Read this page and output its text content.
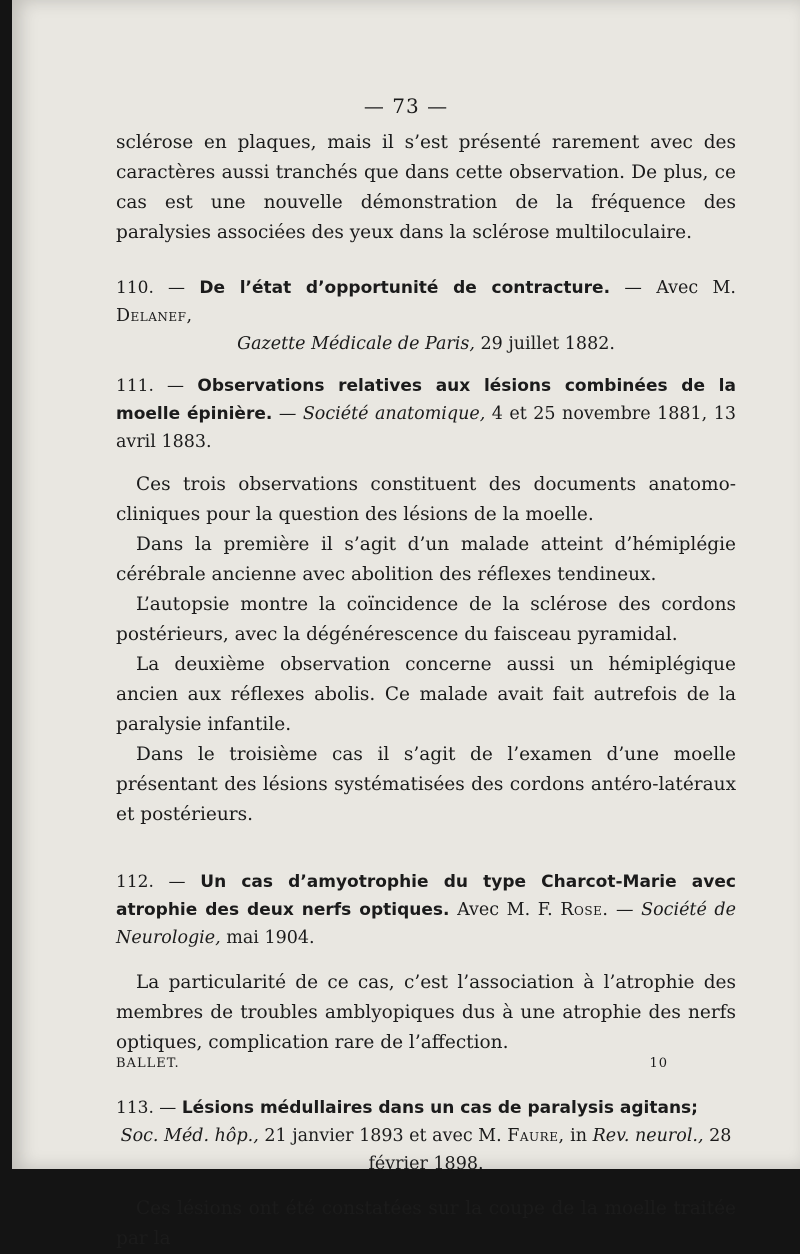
— 73 —

sclérose en plaques, mais il s’est présenté rarement avec des caractères aussi tranchés que dans cette observation. De plus, ce cas est une nouvelle démonstration de la fréquence des paralysies associées des yeux dans la sclérose multiloculaire.

110. — De l’état d’opportunité de contracture. — Avec M. Delanef,
Gazette Médicale de Paris, 29 juillet 1882.
111. — Observations relatives aux lésions combinées de la moelle épinière. — Société anatomique, 4 et 25 novembre 1881, 13 avril 1883.

Ces trois observations constituent des documents anatomo-cliniques pour la question des lésions de la moelle.

Dans la première il s’agit d’un malade atteint d’hémiplégie cérébrale ancienne avec abolition des réflexes tendineux.

L’autopsie montre la coïncidence de la sclérose des cordons postérieurs, avec la dégénérescence du faisceau pyramidal.

La deuxième observation concerne aussi un hémiplégique ancien aux réflexes abolis. Ce malade avait fait autrefois de la paralysie infantile.

Dans le troisième cas il s’agit de l’examen d’une moelle présentant des lésions systématisées des cordons antéro-latéraux et postérieurs.

112. — Un cas d’amyotrophie du type Charcot-Marie avec atrophie des deux nerfs optiques. Avec M. F. Rose. — Société de Neurologie, mai 1904.

La particularité de ce cas, c’est l’association à l’atrophie des membres de troubles amblyopiques dus à une atrophie des nerfs optiques, complication rare de l’affection.

113. — Lésions médullaires dans un cas de paralysis agitans;
Soc. Méd. hôp., 21 janvier 1893 et avec M. Faure, in Rev. neurol., 28 février 1898.

Ces lésions ont été constatées sur la coupe de la moelle traitée par la

BALLET.	10
